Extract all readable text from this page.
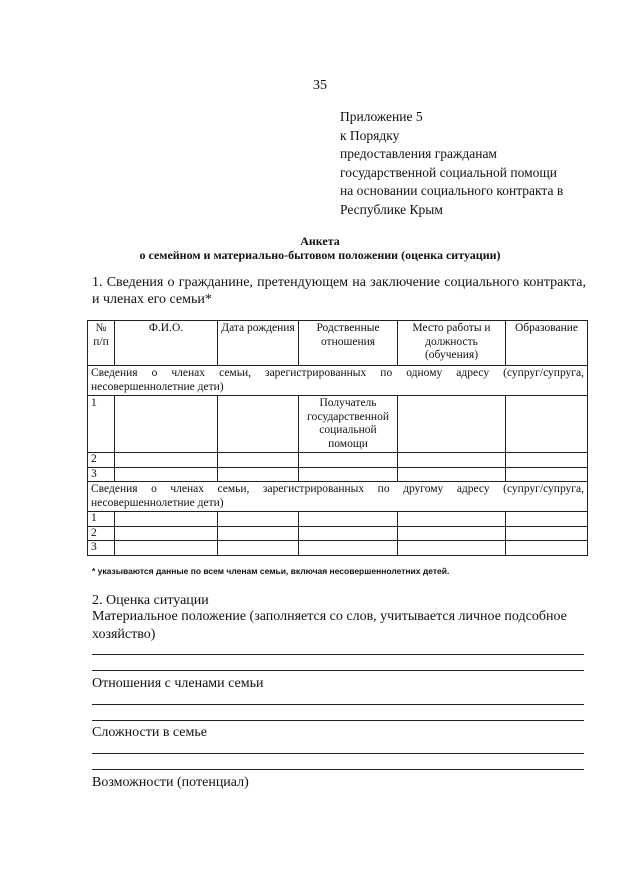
35
Приложение 5
к Порядку
предоставления гражданам
государственной социальной помощи
на основании социального контракта в
Республике Крым
Анкета
о семейном и материально-бытовом положении (оценка ситуации)
1. Сведения о гражданине, претендующем на заключение социального контракта, и членах его семьи*
№ п/п	Ф.И.О.	Дата рождения	Родственные отношения	Место работы и должность (обучения)	Образование
Сведения о членах семьи, зарегистрированных по одному адресу (супруг/супруга, несовершеннолетние дети)					
1			Получатель государственной социальной помощи		
2					
3					
Сведения о членах семьи, зарегистрированных по другому адресу (супруг/супруга, несовершеннолетние дети)					
1					
2					
3					
* указываются данные по всем членам семьи, включая несовершеннолетних детей.
2. Оценка ситуации
Материальное положение (заполняется со слов, учитывается личное подсобное хозяйство)
Отношения с членами семьи
Сложности в семье
Возможности (потенциал)
